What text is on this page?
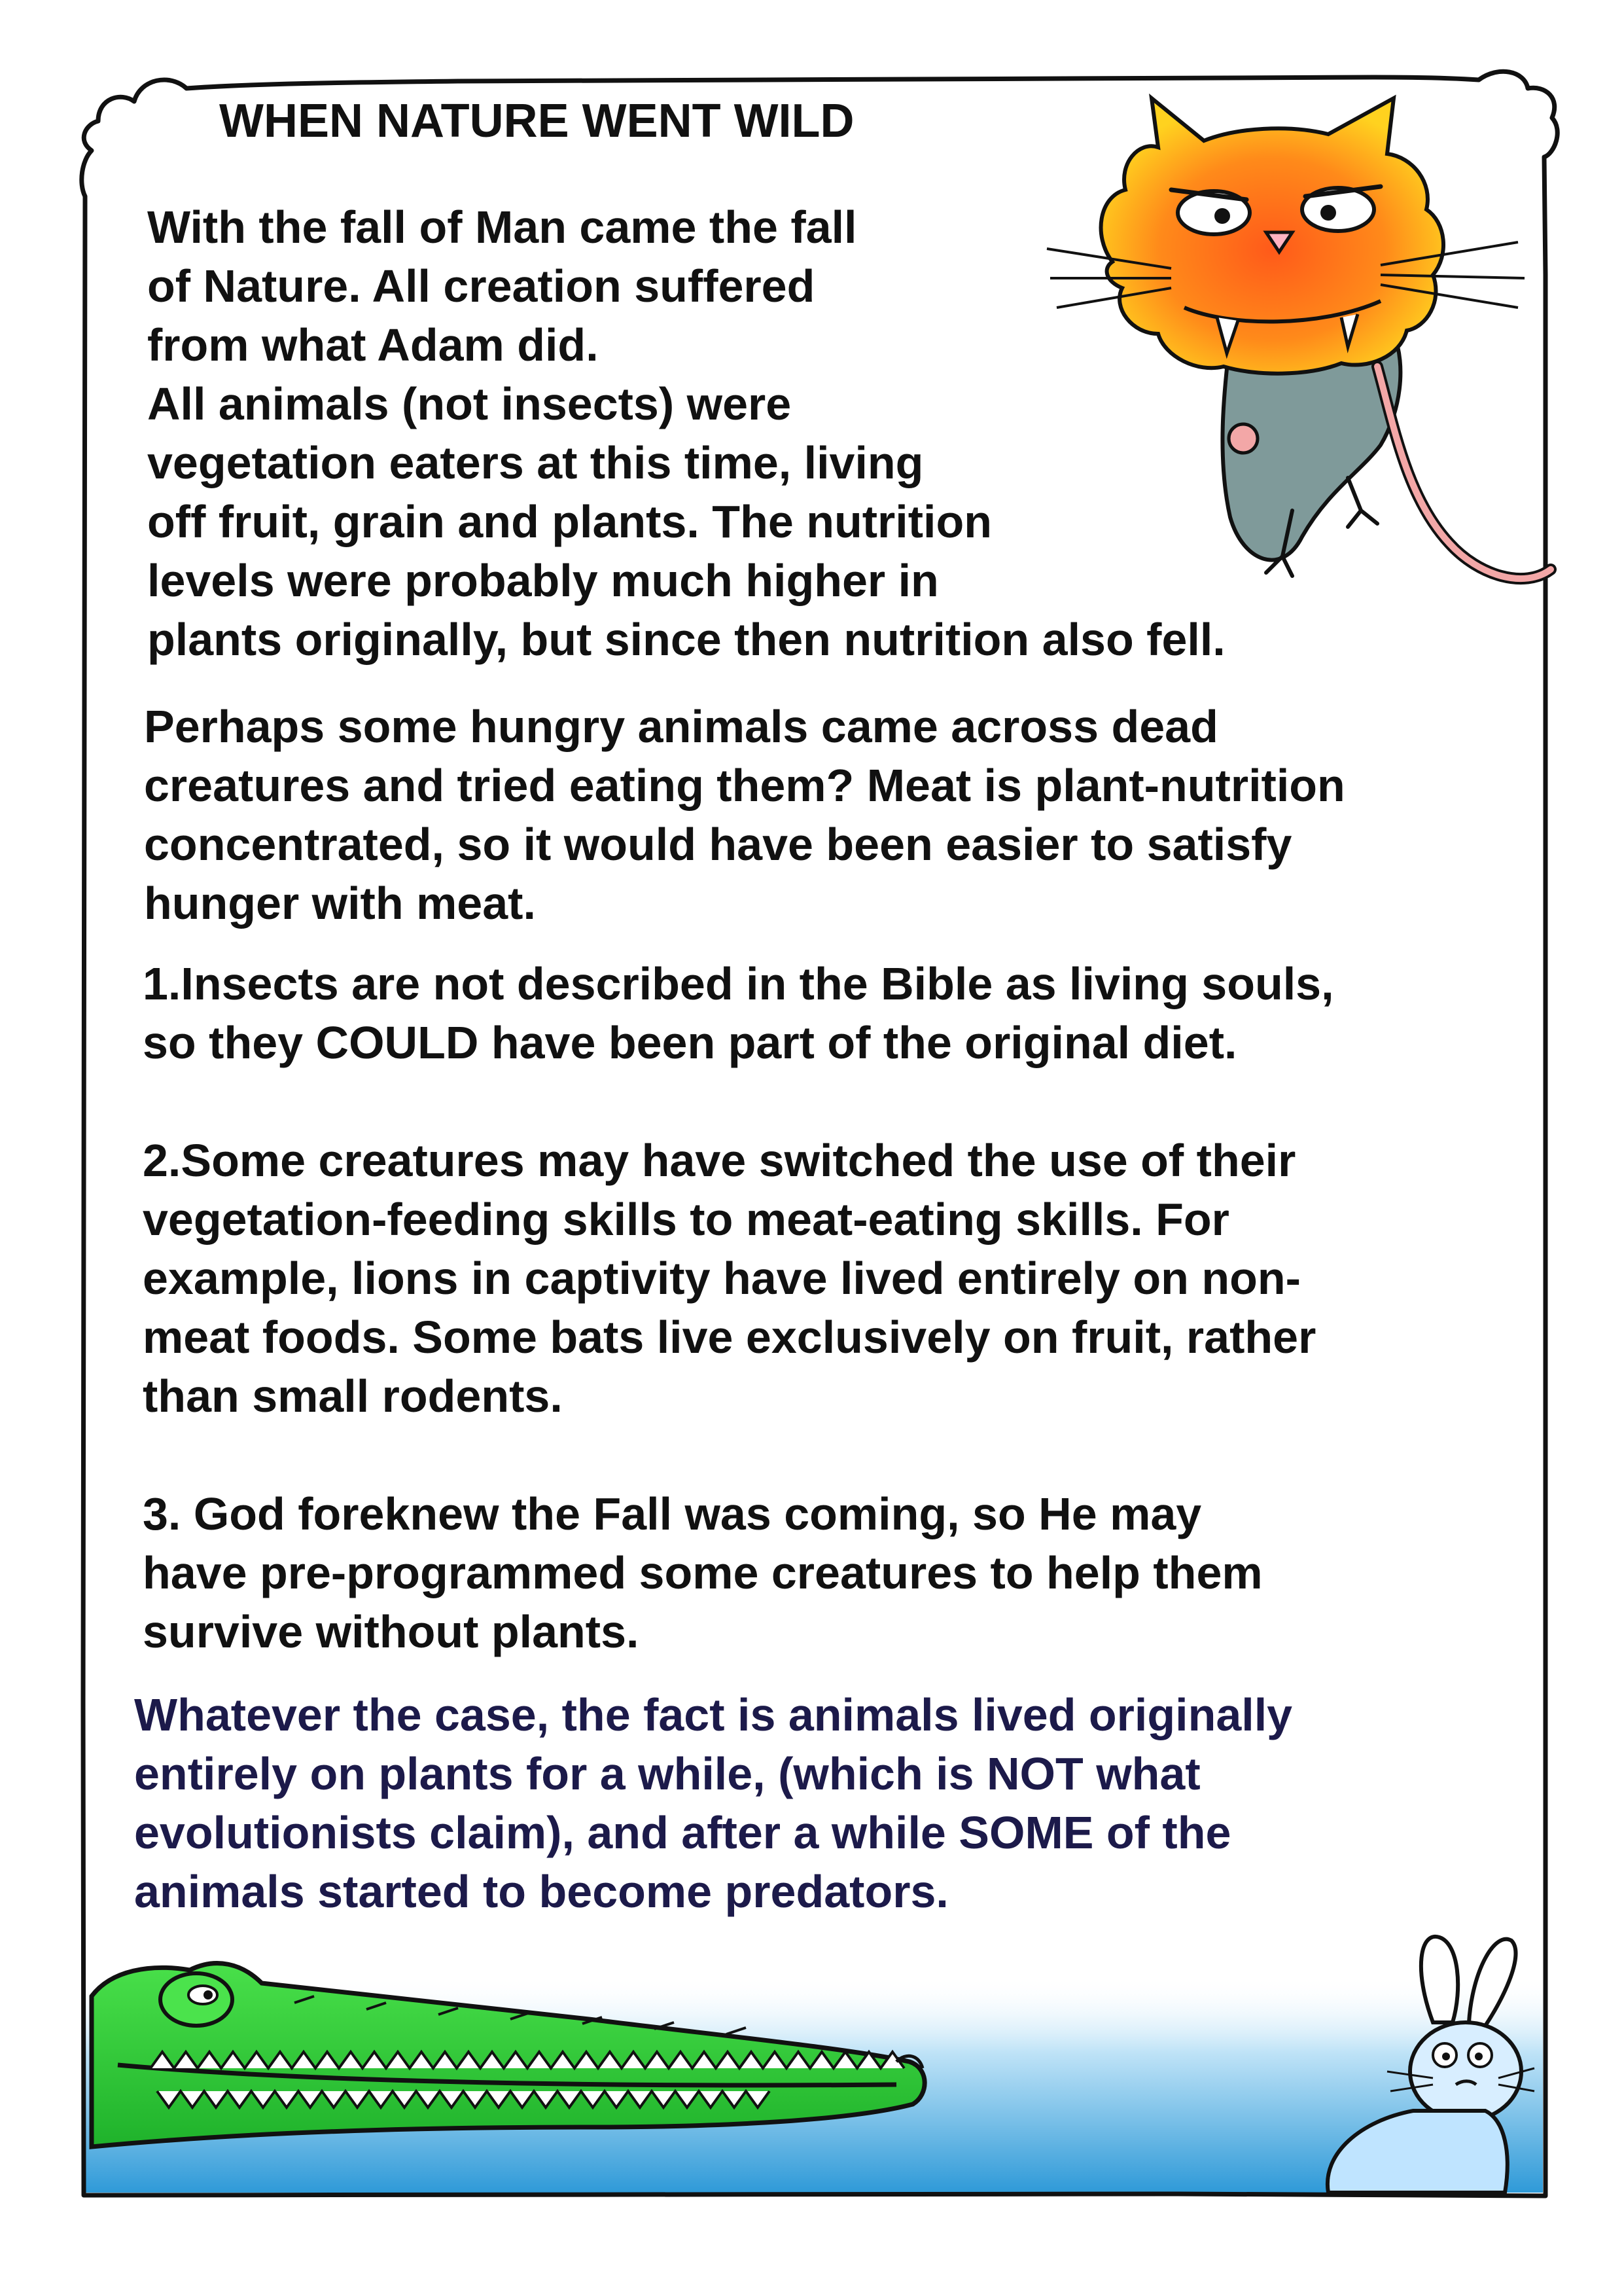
WHEN NATURE WENT WILD
With the fall of Man came the fall
of Nature. All creation suffered
from what Adam did.
All animals (not insects) were
vegetation eaters at this time, living
off fruit, grain and plants. The nutrition
levels were probably much higher in
plants originally, but since then nutrition also fell.
Perhaps some hungry animals came across dead
creatures and tried eating them? Meat is plant-nutrition
concentrated, so it would have been easier to satisfy
hunger with meat.
1.Insects are not described in the Bible as living souls,
so they COULD have been part of the original diet.
2.Some creatures may have switched the use of their
vegetation-feeding skills to meat-eating skills. For
example, lions in captivity have lived entirely on non-
meat foods. Some bats live exclusively on fruit, rather
than small rodents.
3. God foreknew the Fall was coming, so He may
have pre-programmed some creatures to help them
survive without plants.
Whatever the case, the fact is animals lived originally
entirely on plants for a while, (which is NOT what
evolutionists claim), and after a while SOME of the
animals started to become predators.
